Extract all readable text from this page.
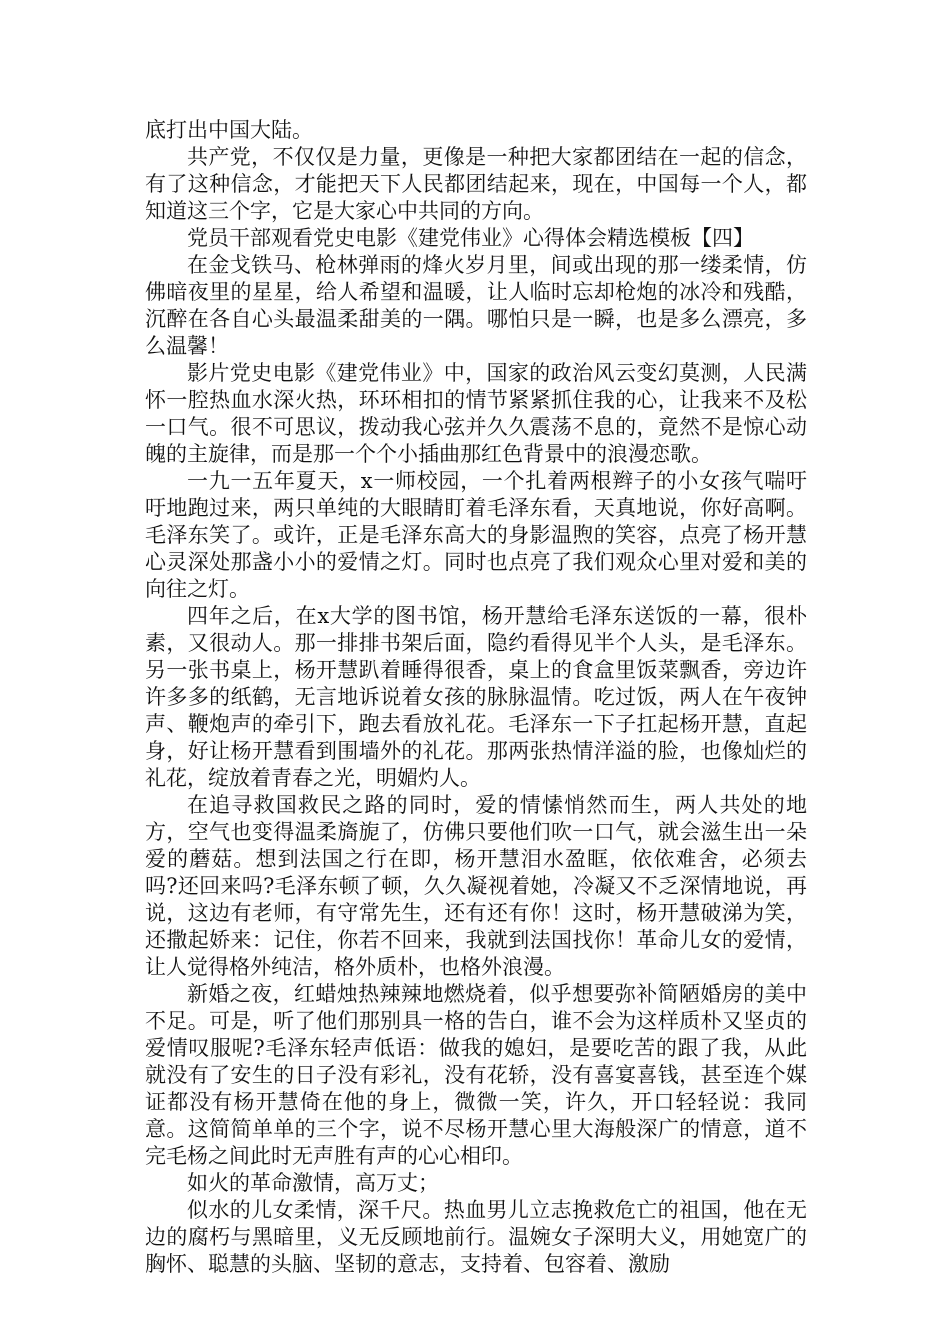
底打出中国大陆。

共产党，不仅仅是力量，更像是一种把大家都团结在一起的信念，有了这种信念，才能把天下人民都团结起来，现在，中国每一个人，都知道这三个字，它是大家心中共同的方向。

党员干部观看党史电影《建党伟业》心得体会精选模板【四】

在金戈铁马、枪林弹雨的烽火岁月里，间或出现的那一缕柔情，仿佛暗夜里的星星，给人希望和温暖，让人临时忘却枪炮的冰冷和残酷，沉醉在各自心头最温柔甜美的一隅。哪怕只是一瞬，也是多么漂亮，多么温馨！

影片党史电影《建党伟业》中，国家的政治风云变幻莫测，人民满怀一腔热血水深火热，环环相扣的情节紧紧抓住我的心，让我来不及松一口气。很不可思议，拨动我心弦并久久震荡不息的，竟然不是惊心动魄的主旋律，而是那一个个小插曲那红色背景中的浪漫恋歌。

一九一五年夏天，x一师校园，一个扎着两根辫子的小女孩气喘吁吁地跑过来，两只单纯的大眼睛盯着毛泽东看，天真地说，你好高啊。毛泽东笑了。或许，正是毛泽东高大的身影温煦的笑容，点亮了杨开慧心灵深处那盏小小的爱情之灯。同时也点亮了我们观众心里对爱和美的向往之灯。

四年之后，在x大学的图书馆，杨开慧给毛泽东送饭的一幕，很朴素，又很动人。那一排排书架后面，隐约看得见半个人头，是毛泽东。另一张书桌上，杨开慧趴着睡得很香，桌上的食盒里饭菜飘香，旁边许许多多的纸鹤，无言地诉说着女孩的脉脉温情。吃过饭，两人在午夜钟声、鞭炮声的牵引下，跑去看放礼花。毛泽东一下子扛起杨开慧，直起身，好让杨开慧看到围墙外的礼花。那两张热情洋溢的脸，也像灿烂的礼花，绽放着青春之光，明媚灼人。

在追寻救国救民之路的同时，爱的情愫悄然而生，两人共处的地方，空气也变得温柔旖旎了，仿佛只要他们吹一口气，就会滋生出一朵爱的蘑菇。想到法国之行在即，杨开慧泪水盈眶，依依难舍，必须去吗?还回来吗?毛泽东顿了顿，久久凝视着她，冷凝又不乏深情地说，再说，这边有老师，有守常先生，还有还有你！这时，杨开慧破涕为笑，还撒起娇来：记住，你若不回来，我就到法国找你！革命儿女的爱情，让人觉得格外纯洁，格外质朴，也格外浪漫。

新婚之夜，红蜡烛热辣辣地燃烧着，似乎想要弥补简陋婚房的美中不足。可是，听了他们那别具一格的告白，谁不会为这样质朴又坚贞的爱情叹服呢?毛泽东轻声低语：做我的媳妇，是要吃苦的跟了我，从此就没有了安生的日子没有彩礼，没有花轿，没有喜宴喜钱，甚至连个媒证都没有杨开慧倚在他的身上，微微一笑，许久，开口轻轻说：我同意。这简简单单的三个字，说不尽杨开慧心里大海般深广的情意，道不完毛杨之间此时无声胜有声的心心相印。

如火的革命激情，高万丈；

似水的儿女柔情，深千尺。热血男儿立志挽救危亡的祖国，他在无边的腐朽与黑暗里，义无反顾地前行。温婉女子深明大义，用她宽广的胸怀、聪慧的头脑、坚韧的意志，支持着、包容着、激励
